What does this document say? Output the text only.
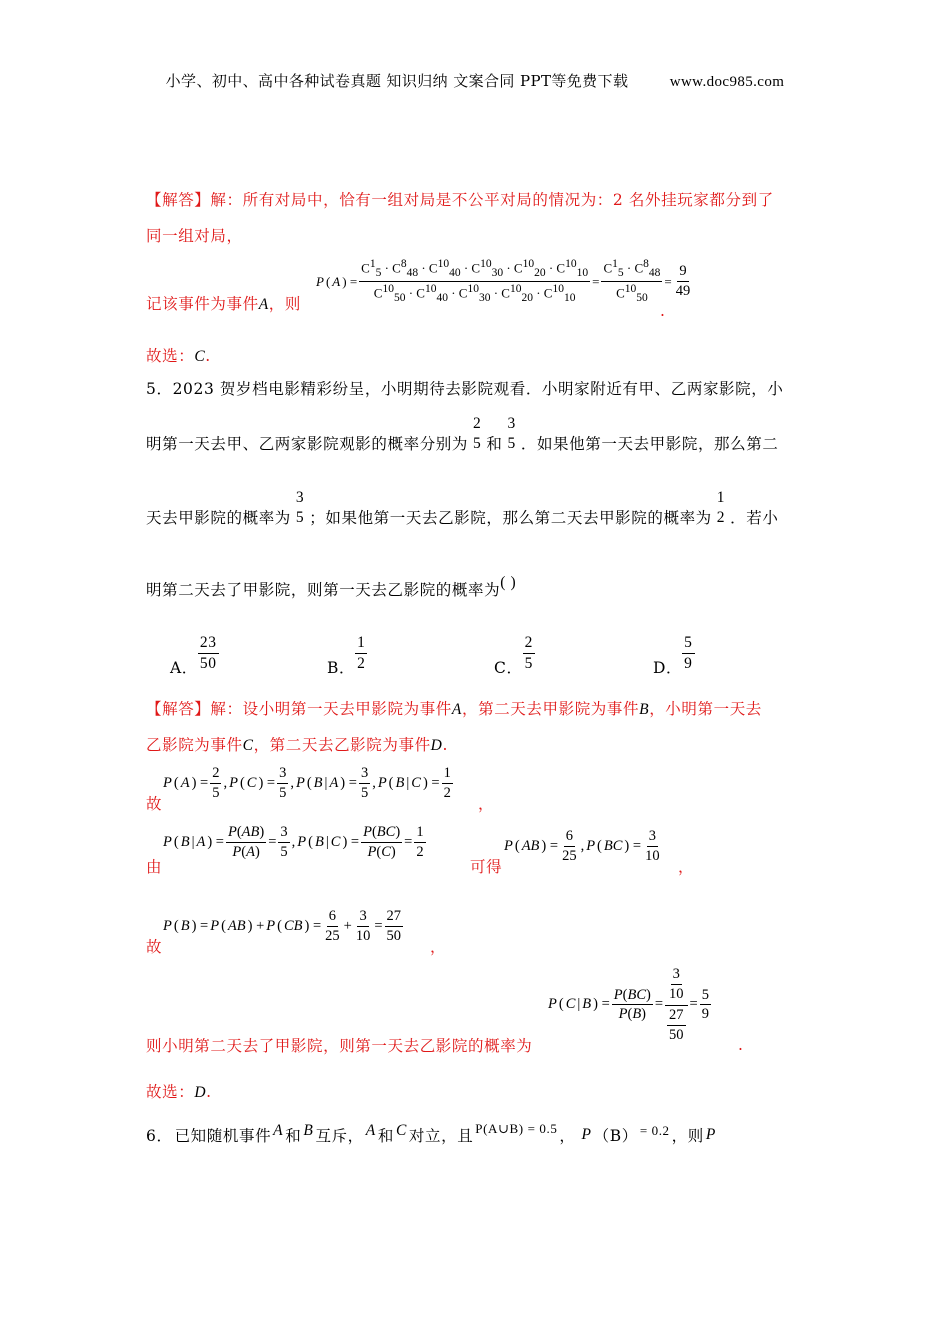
小学、初中、高中各种试卷真题 知识归纳 文案合同 PPT等免费下载	www.doc985.com
【解答】解：所有对局中，恰有一组对局是不公平对局的情况为：2 名外挂玩家都分到了
同一组对局，
P ( A ) = $\frac{C^1_5 \cdot C^8_{48} \cdot C^{10}_{40} \cdot C^{10}_{30} \cdot C^{10}_{20} \cdot C^{10}_{10}}{C^{10}_{50} \cdot C^{10}_{40} \cdot C^{10}_{30} \cdot C^{10}_{20} \cdot C^{10}_{10}} = \frac{C^1_5 \cdot C^8_{48}}{C^{10}_{50}} = \frac{9}{49}$
记该事件为事件A，则	.
故选：C.
5．2023 贺岁档电影精彩纷呈，小明期待去影院观看．小明家附近有甲、乙两家影院，小
明第一天去甲、乙两家影院观影的概率分别为
2
5 和
3
5 ．如果他第一天去甲影院，那么第二
天去甲影院的概率为
3
5 ；如果他第一天去乙影院，那么第二天去甲影院的概率为
1
2 ．若小
明第二天去了甲影院，则第一天去乙影院的概率为( )
A． $\frac{23}{50}$	B． $\frac{1}{2}$	C． $\frac{2}{5}$	D． $\frac{5}{9}$
【解答】解：设小明第一天去甲影院为事件A，第二天去甲影院为事件B，小明第一天去
乙影院为事件C，第二天去乙影院为事件D.
故
P ( A ) = $\frac{2}{5}$ , P ( C ) = $\frac{3}{5}$ , P ( B | A ) = $\frac{3}{5}$ , P ( B | C ) = $\frac{1}{2}$
，
由
P ( B | A ) = $\frac{P(AB)}{P(A)} = \frac{3}{5}$ , P ( B | C ) = $\frac{P(BC)}{P(C)} = \frac{1}{2}$
可得
P ( AB ) = $\frac{6}{25}$ , P ( BC ) = $\frac{3}{10}$
，
故
P ( B ) = P ( AB ) + P ( CB ) = $\frac{6}{25} + \frac{3}{10} = \frac{27}{50}$
，
P ( C | B ) = $\frac{P(BC)}{P(B)} = \frac{\frac{3}{10}}{\frac{27}{50}} = \frac{5}{9}$
则小明第二天去了甲影院，则第一天去乙影院的概率为	.
故选：D.
6． 已知随机事件 A 和 B 互斥， A 和 C 对立，且 P(A∪B) = 0.5 ， P （B） = 0.2 ，则 P
